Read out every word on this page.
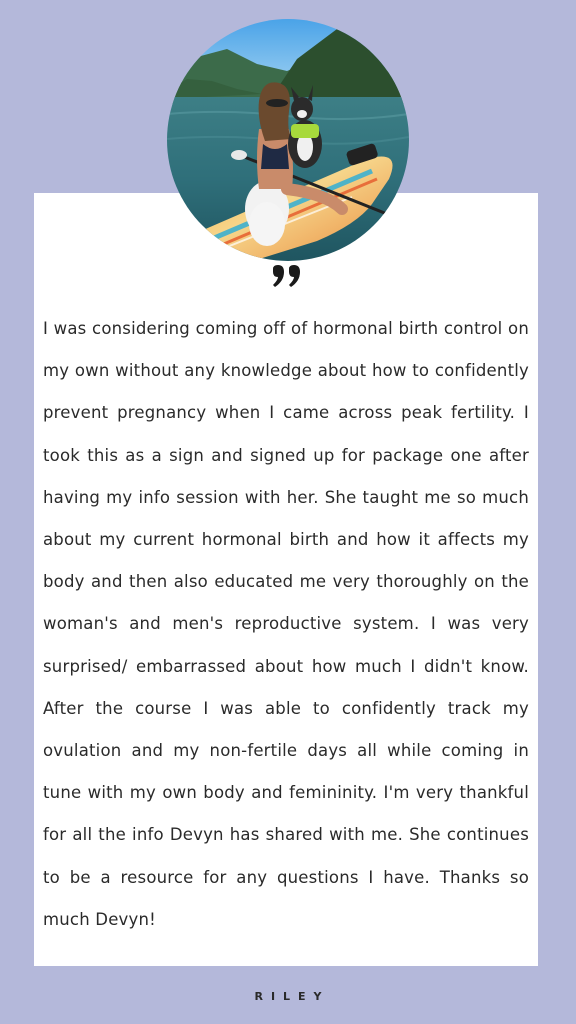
I was considering coming off of hormonal birth control on my own without any knowledge about how to confidently prevent pregnancy when I came across peak fertility. I took this as a sign and signed up for package one after having my info session with her. She taught me so much about my current hormonal birth and how it affects my body and then also educated me very thoroughly on the woman's and men's reproductive system. I was very surprised/ embarrassed about how much I didn't know. After the course I was able to confidently track my ovulation and my non-fertile days all while coming in tune with my own body and femininity. I'm very thankful for all the info Devyn has shared with me. She continues to be a resource for any questions I have. Thanks so much Devyn!

RILEY
